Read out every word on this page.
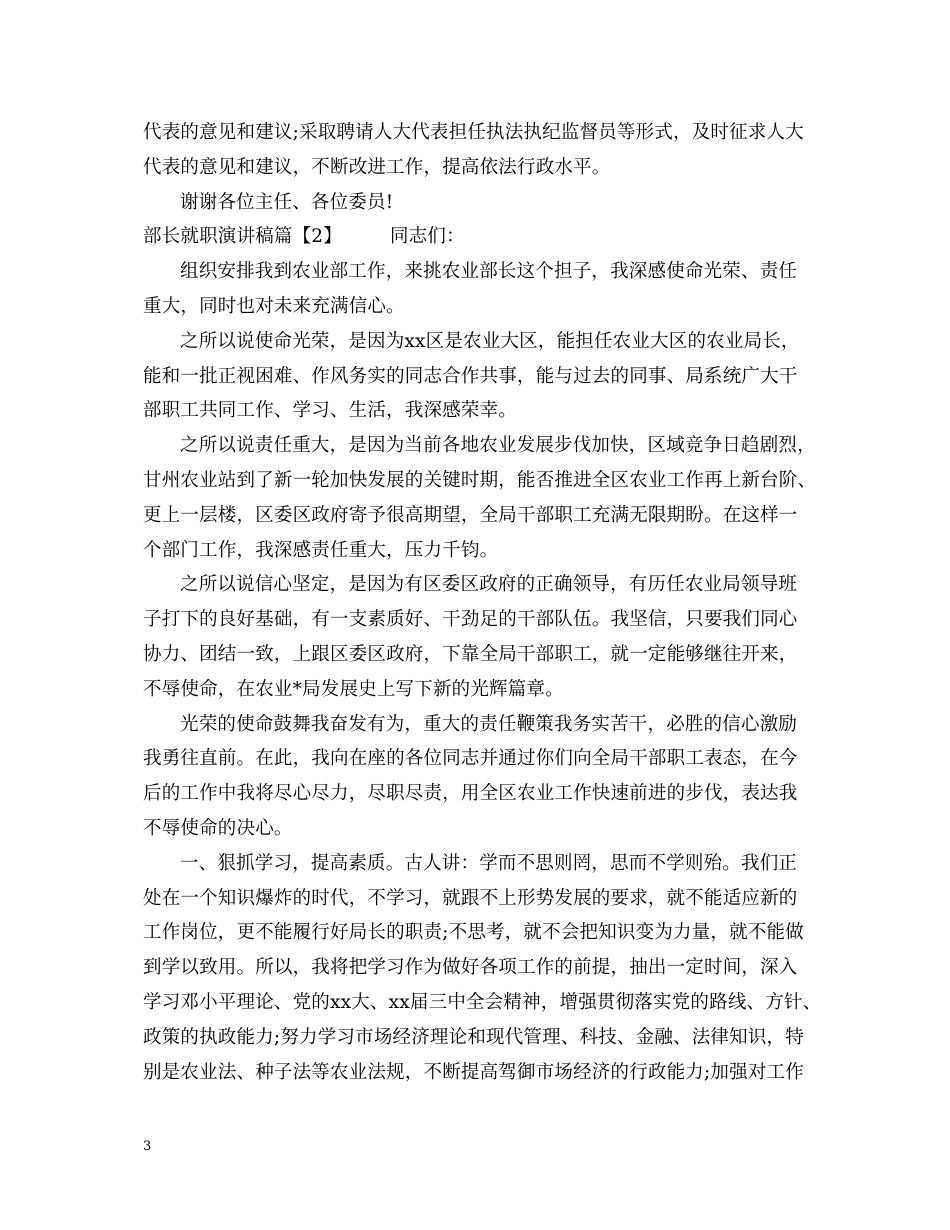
代表的意见和建议;采取聘请人大代表担任执法执纪监督员等形式，及时征求人大
代表的意见和建议，不断改进工作，提高依法行政水平。
谢谢各位主任、各位委员!
部长就职演讲稿篇【2】	同志们：
组织安排我到农业部工作，来挑农业部长这个担子，我深感使命光荣、责任
重大，同时也对未来充满信心。
之所以说使命光荣，是因为xx区是农业大区，能担任农业大区的农业局长，
能和一批正视困难、作风务实的同志合作共事，能与过去的同事、局系统广大干
部职工共同工作、学习、生活，我深感荣幸。
之所以说责任重大，是因为当前各地农业发展步伐加快，区域竞争日趋剧烈，
甘州农业站到了新一轮加快发展的关键时期，能否推进全区农业工作再上新台阶、
更上一层楼，区委区政府寄予很高期望，全局干部职工充满无限期盼。在这样一
个部门工作，我深感责任重大，压力千钧。
之所以说信心坚定，是因为有区委区政府的正确领导，有历任农业局领导班
子打下的良好基础，有一支素质好、干劲足的干部队伍。我坚信，只要我们同心
协力、团结一致，上跟区委区政府，下靠全局干部职工，就一定能够继往开来，
不辱使命，在农业*局发展史上写下新的光辉篇章。
光荣的使命鼓舞我奋发有为，重大的责任鞭策我务实苦干，必胜的信心激励
我勇往直前。在此，我向在座的各位同志并通过你们向全局干部职工表态，在今
后的工作中我将尽心尽力，尽职尽责，用全区农业工作快速前进的步伐，表达我
不辱使命的决心。
一、狠抓学习，提高素质。古人讲：学而不思则罔，思而不学则殆。我们正
处在一个知识爆炸的时代，不学习，就跟不上形势发展的要求，就不能适应新的
工作岗位，更不能履行好局长的职责;不思考，就不会把知识变为力量，就不能做
到学以致用。所以，我将把学习作为做好各项工作的前提，抽出一定时间，深入
学习邓小平理论、党的xx大、xx届三中全会精神，增强贯彻落实党的路线、方针、
政策的执政能力;努力学习市场经济理论和现代管理、科技、金融、法律知识，特
别是农业法、种子法等农业法规，不断提高驾御市场经济的行政能力;加强对工作
3
